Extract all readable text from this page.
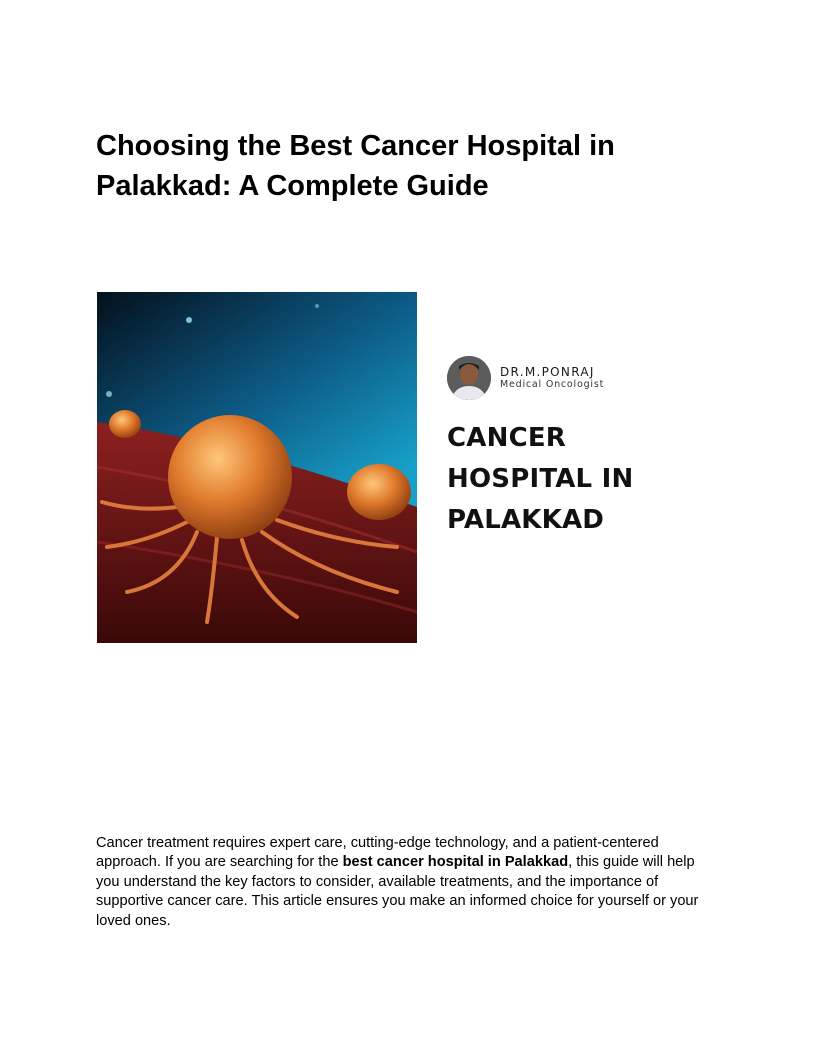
Choosing the Best Cancer Hospital in Palakkad: A Complete Guide
DR.M.PONRAJ
Medical Oncologist
CANCER HOSPITAL IN PALAKKAD

Cancer treatment requires expert care, cutting-edge technology, and a patient-centered approach. If you are searching for the best cancer hospital in Palakkad, this guide will help you understand the key factors to consider, available treatments, and the importance of supportive cancer care. This article ensures you make an informed choice for yourself or your loved ones.
